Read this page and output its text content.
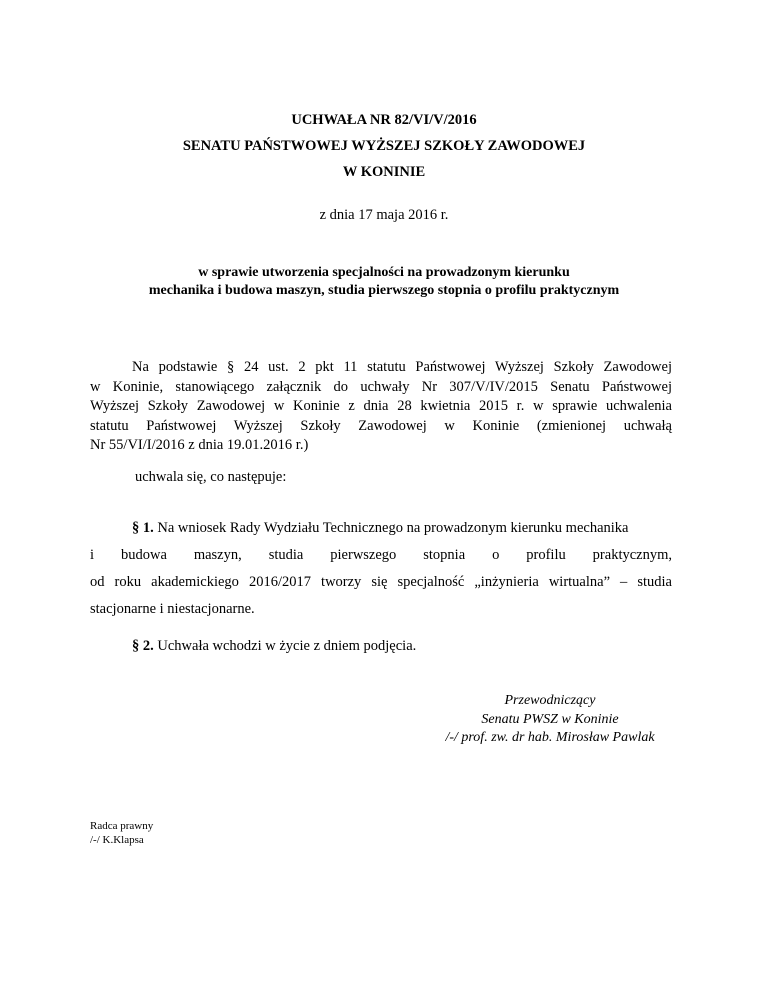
UCHWAŁA NR 82/VI/V/2016
SENATU PAŃSTWOWEJ WYŻSZEJ SZKOŁY ZAWODOWEJ
W KONINIE
z dnia 17 maja 2016 r.
w sprawie utworzenia specjalności na prowadzonym kierunku
mechanika i budowa maszyn, studia pierwszego stopnia o profilu praktycznym
Na podstawie § 24 ust. 2 pkt 11 statutu Państwowej Wyższej Szkoły Zawodowej
w Koninie, stanowiącego załącznik do uchwały Nr 307/V/IV/2015 Senatu Państwowej
Wyższej Szkoły Zawodowej w Koninie z dnia 28 kwietnia 2015 r. w sprawie uchwalenia
statutu Państwowej Wyższej Szkoły Zawodowej w Koninie (zmienionej uchwałą
Nr 55/VI/I/2016 z dnia 19.01.2016 r.)
uchwala się, co następuje:
§ 1. Na wniosek Rady Wydziału Technicznego na prowadzonym kierunku mechanika
i budowa maszyn, studia pierwszego stopnia o profilu praktycznym,
od roku akademickiego 2016/2017 tworzy się specjalność „inżynieria wirtualna” – studia
stacjonarne i niestacjonarne.
§ 2. Uchwała wchodzi w życie z dniem podjęcia.
Przewodniczący
Senatu PWSZ w Koninie
/-/ prof. zw. dr hab. Mirosław Pawlak
Radca prawny
/-/ K.Klapsa
